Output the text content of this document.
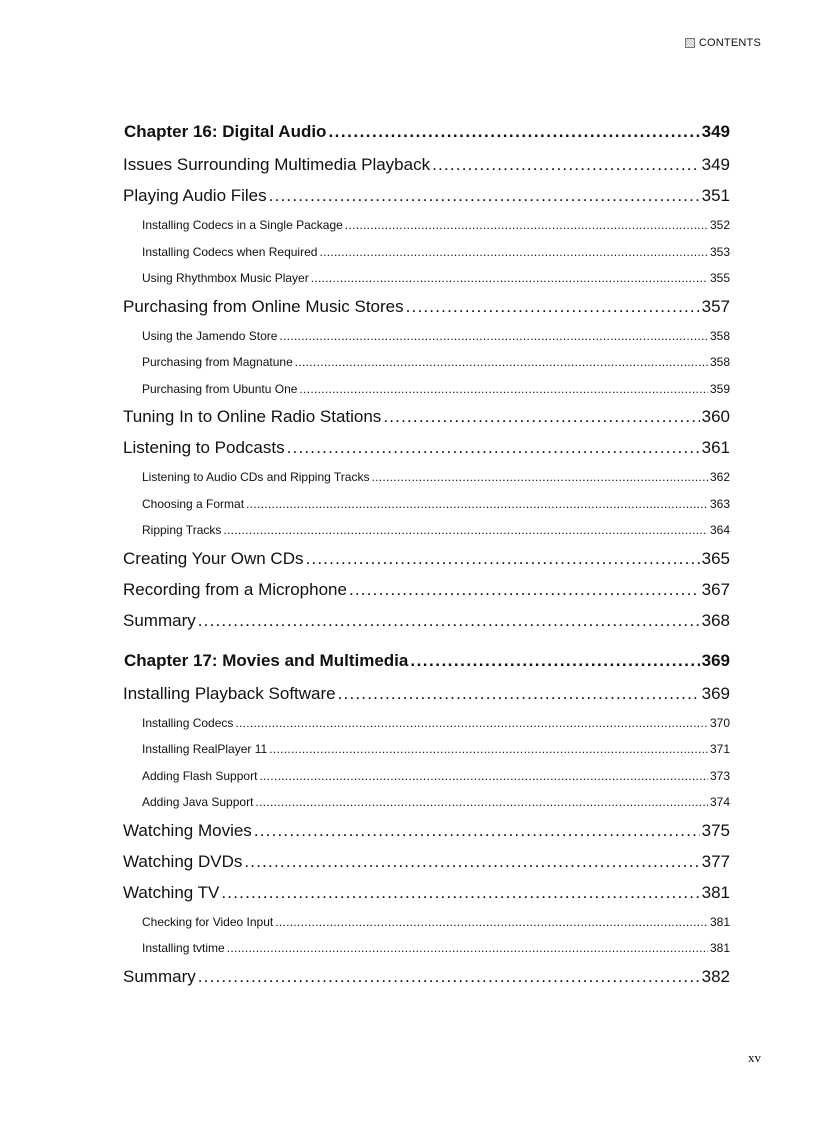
CONTENTS
Chapter 16: Digital Audio .....	349
Issues Surrounding Multimedia Playback .....	349
Playing Audio Files .....	351
Installing Codecs in a Single Package .....	352
Installing Codecs when Required .....	353
Using Rhythmbox Music Player .....	355
Purchasing from Online Music Stores .....	357
Using the Jamendo Store .....	358
Purchasing from Magnatune .....	358
Purchasing from Ubuntu One .....	359
Tuning In to Online Radio Stations .....	360
Listening to Podcasts .....	361
Listening to Audio CDs and Ripping Tracks .....	362
Choosing a Format .....	363
Ripping Tracks .....	364
Creating Your Own CDs .....	365
Recording from a Microphone .....	367
Summary .....	368
Chapter 17: Movies and Multimedia .....	369
Installing Playback Software .....	369
Installing Codecs .....	370
Installing RealPlayer 11 .....	371
Adding Flash Support .....	373
Adding Java Support .....	374
Watching Movies .....	375
Watching DVDs .....	377
Watching TV .....	381
Checking for Video Input .....	381
Installing tvtime .....	381
Summary .....	382
xv
